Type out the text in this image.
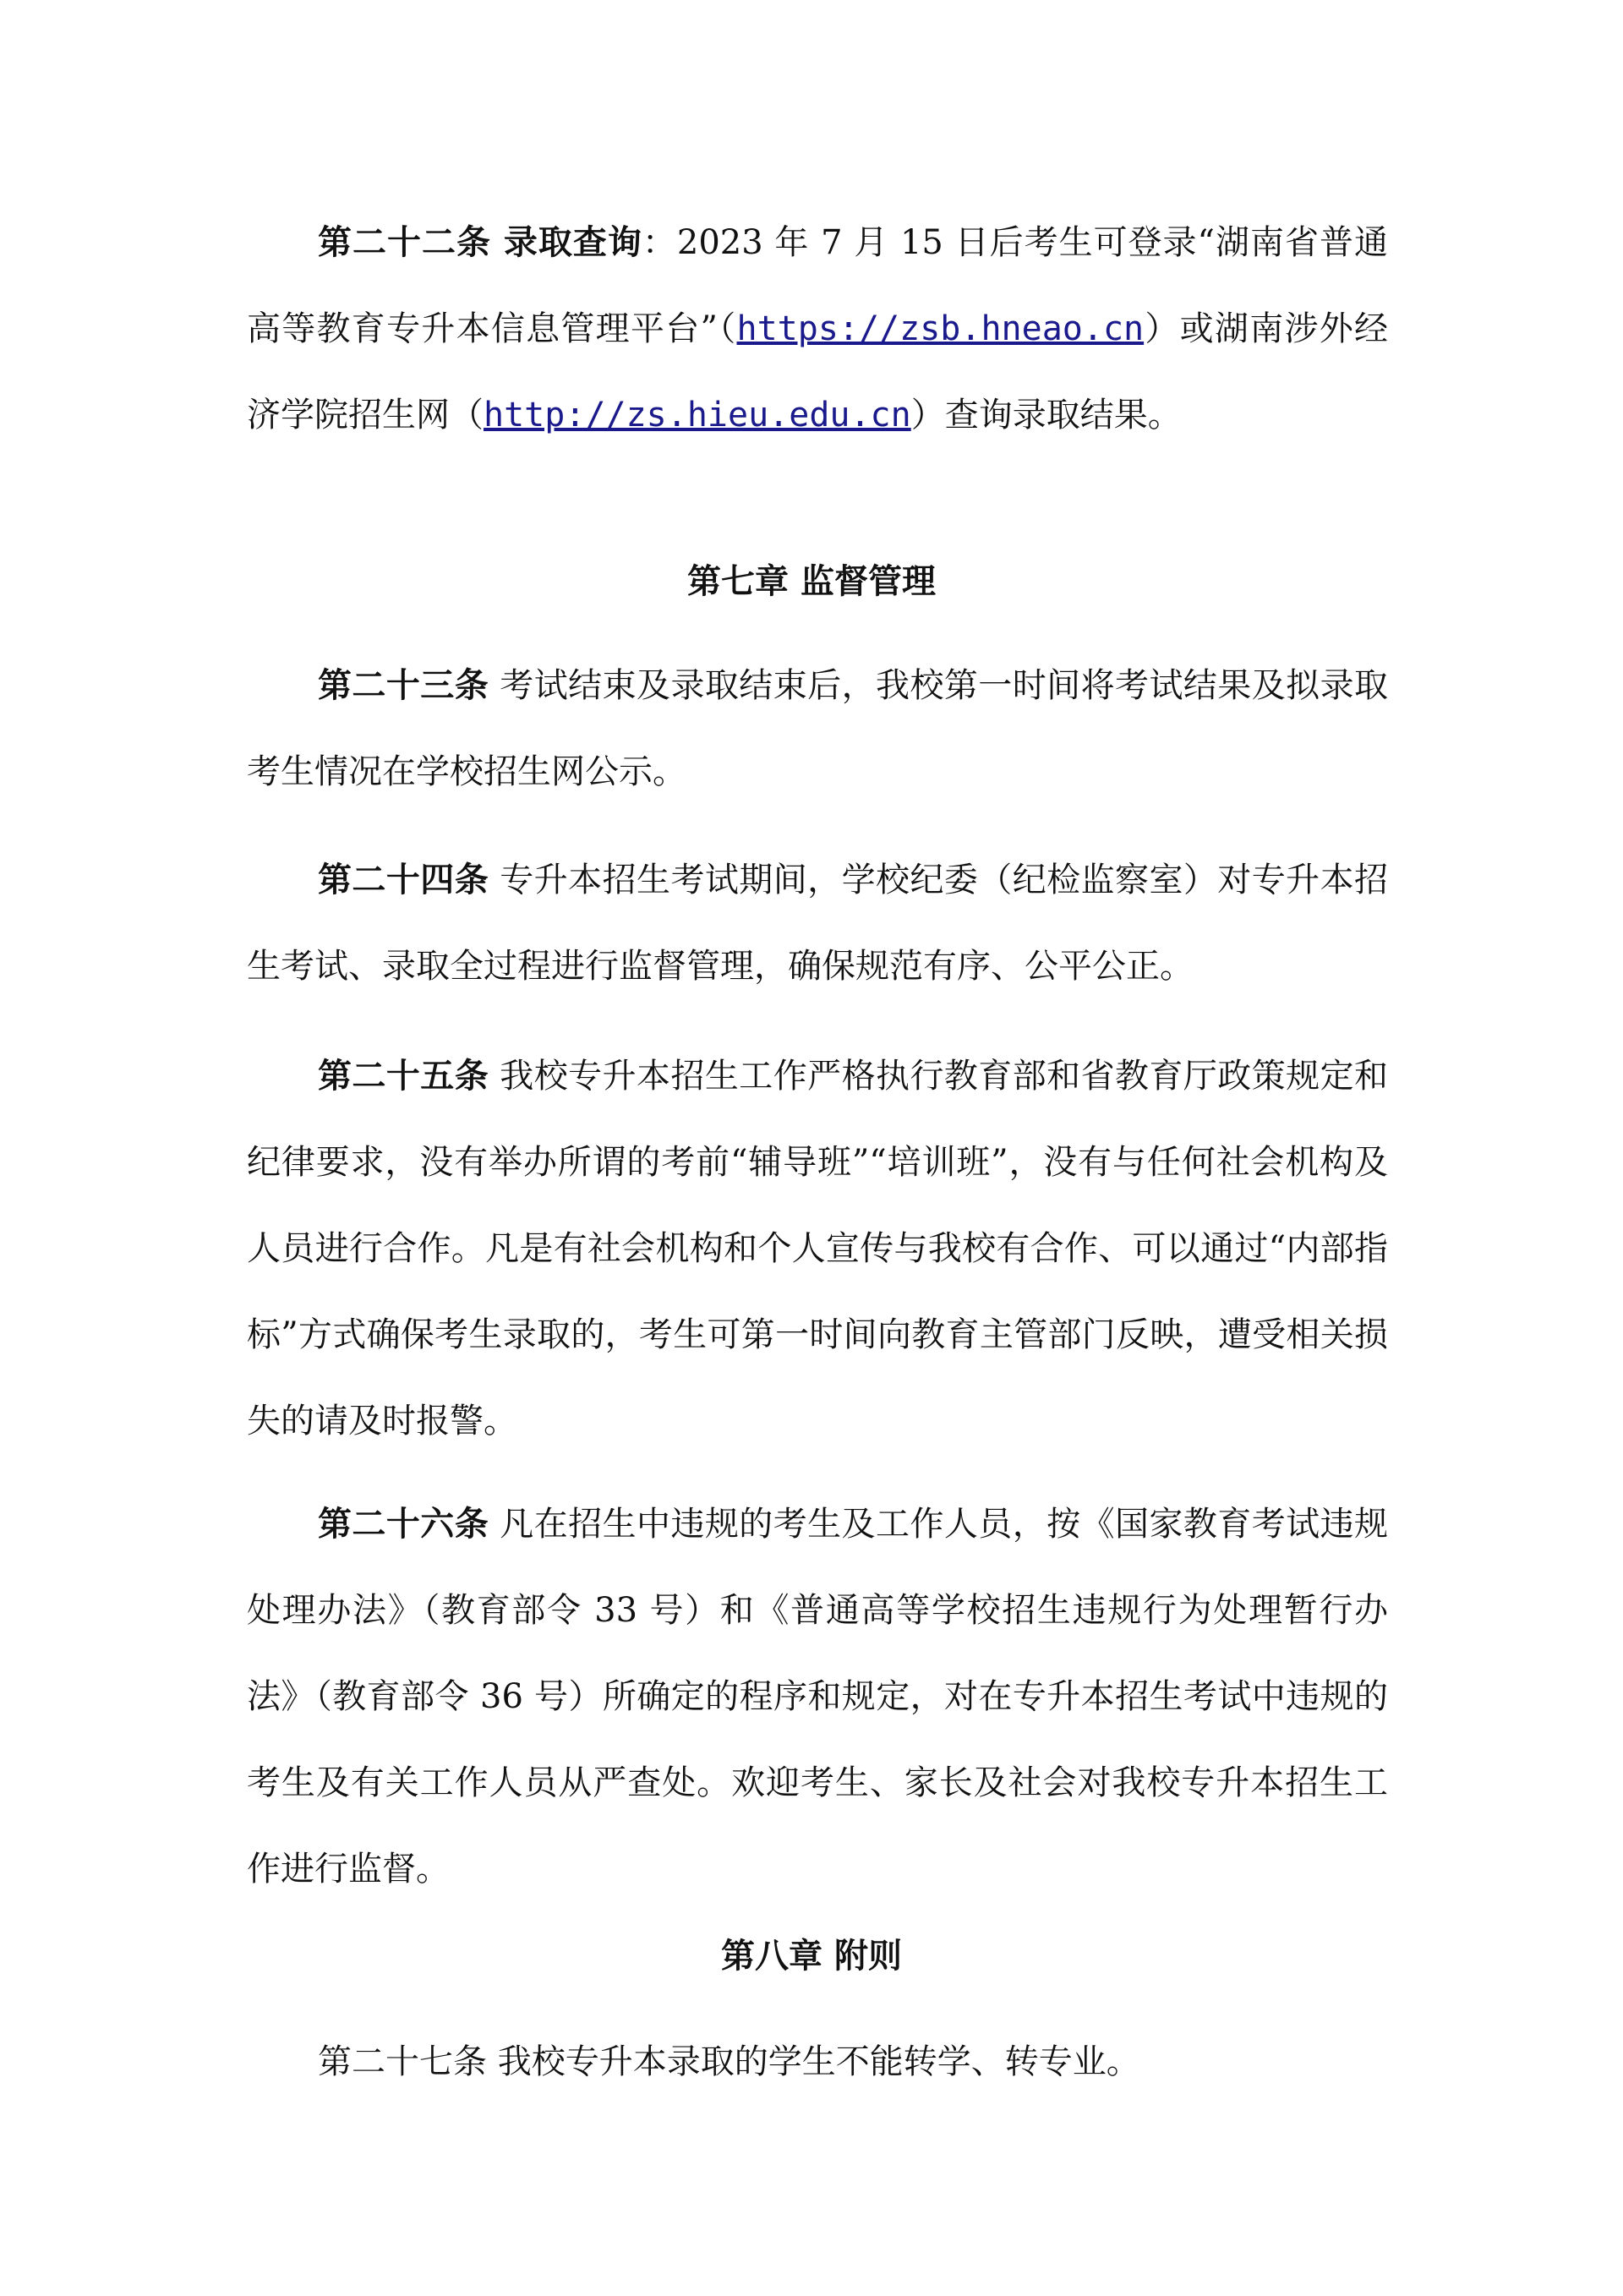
第二十二条 录取查询：2023 年 7 月 15 日后考生可登录“湖南省普通高等教育专升本信息管理平台”（https://zsb.hneao.cn）或湖南涉外经济学院招生网（http://zs.hieu.edu.cn）查询录取结果。

第七章 监督管理

第二十三条 考试结束及录取结束后，我校第一时间将考试结果及拟录取考生情况在学校招生网公示。

第二十四条 专升本招生考试期间，学校纪委（纪检监察室）对专升本招生考试、录取全过程进行监督管理，确保规范有序、公平公正。

第二十五条 我校专升本招生工作严格执行教育部和省教育厅政策规定和纪律要求，没有举办所谓的考前“辅导班”“培训班”，没有与任何社会机构及人员进行合作。凡是有社会机构和个人宣传与我校有合作、可以通过“内部指标”方式确保考生录取的，考生可第一时间向教育主管部门反映，遭受相关损失的请及时报警。

第二十六条 凡在招生中违规的考生及工作人员，按《国家教育考试违规处理办法》（教育部令 33 号）和《普通高等学校招生违规行为处理暂行办法》（教育部令 36 号）所确定的程序和规定，对在专升本招生考试中违规的考生及有关工作人员从严查处。欢迎考生、家长及社会对我校专升本招生工作进行监督。

第八章 附则

第二十七条 我校专升本录取的学生不能转学、转专业。
